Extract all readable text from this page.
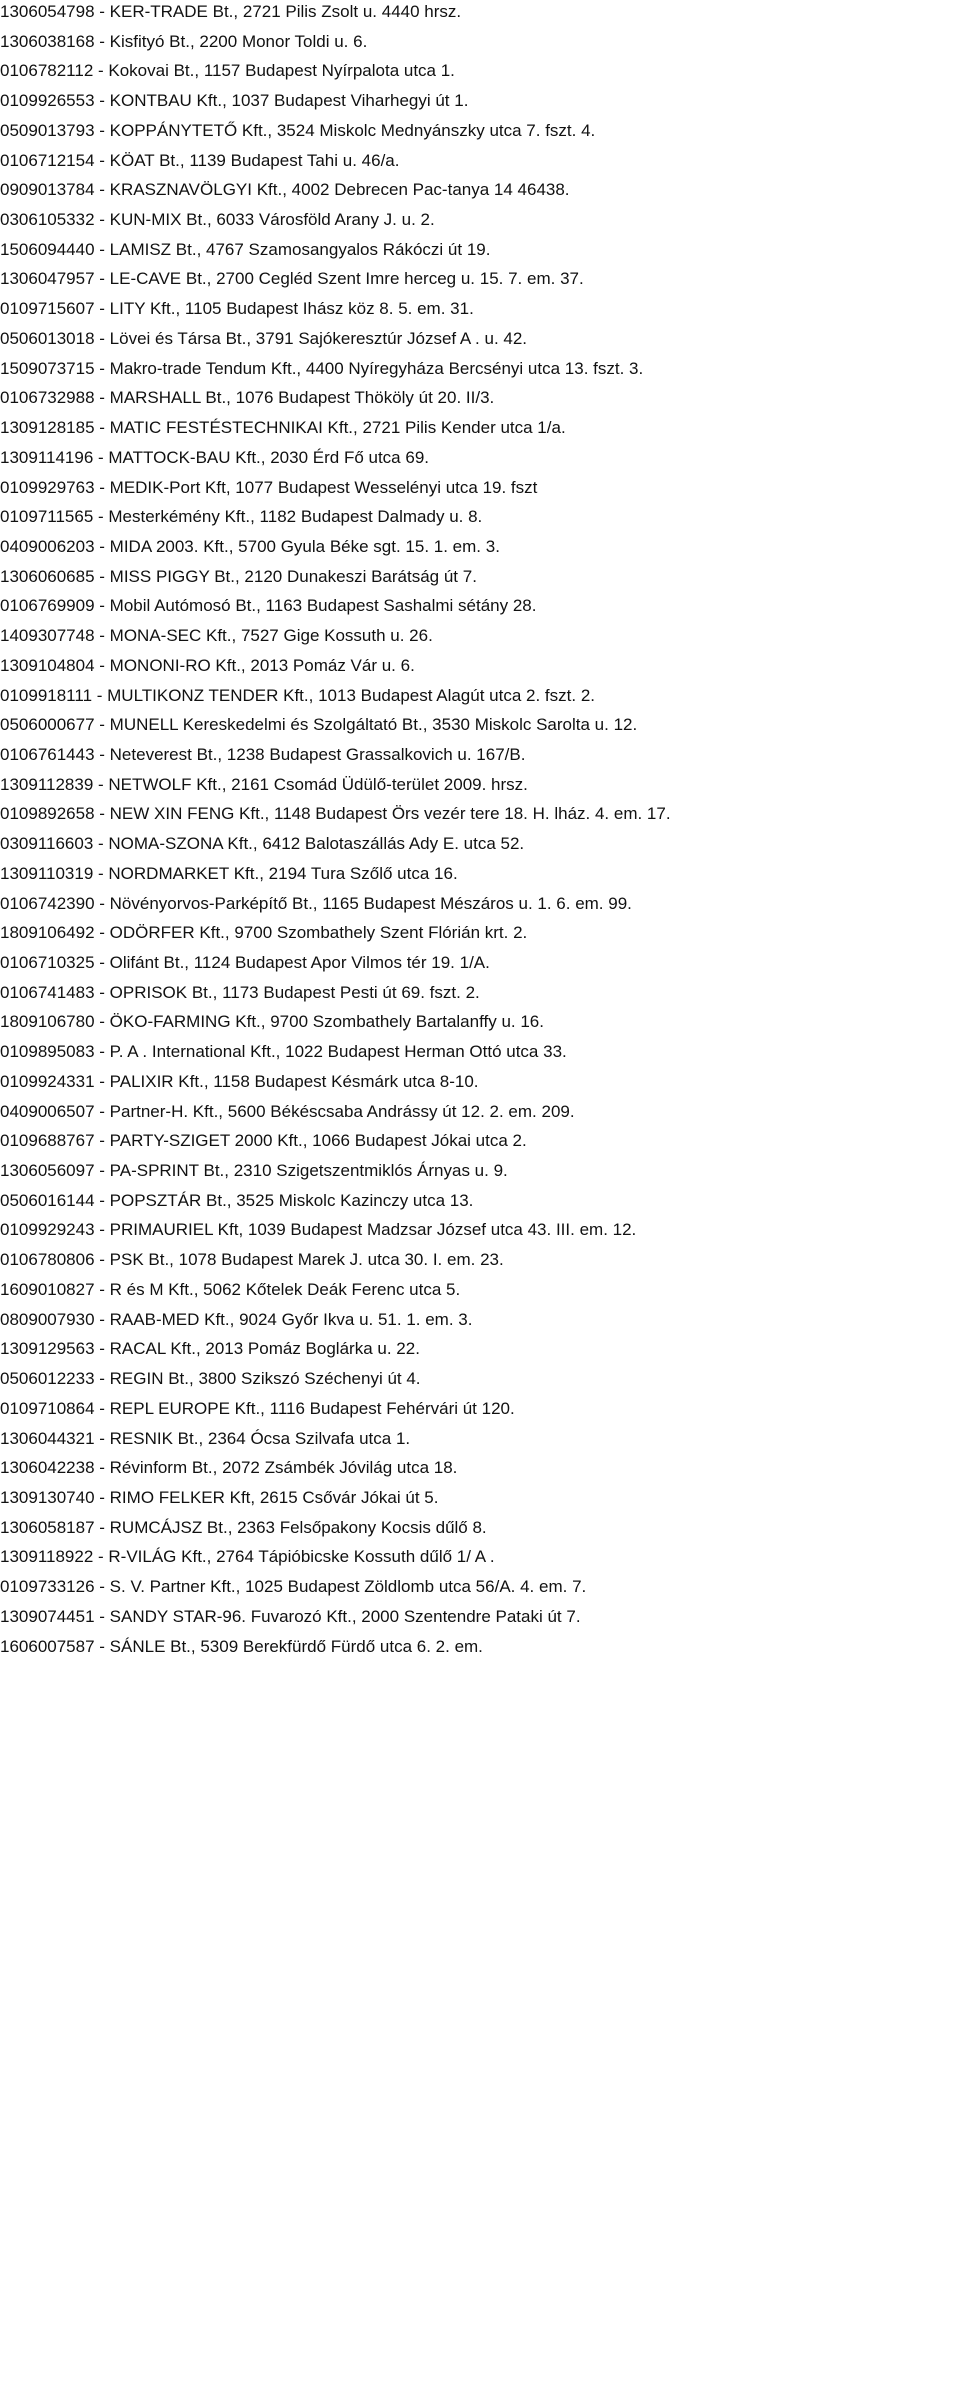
1306054798 - KER-TRADE Bt., 2721 Pilis Zsolt u. 4440 hrsz.
1306038168 - Kisfityó Bt., 2200 Monor Toldi u. 6.
0106782112 - Kokovai Bt., 1157 Budapest Nyírpalota utca 1.
0109926553 - KONTBAU Kft., 1037 Budapest Viharhegyi út 1.
0509013793 - KOPPÁNYTETŐ Kft., 3524 Miskolc Mednyánszky utca 7. fszt. 4.
0106712154 - KÖAT Bt., 1139 Budapest Tahi u. 46/a.
0909013784 - KRASZNAVÖLGYI Kft., 4002 Debrecen Pac-tanya 14 46438.
0306105332 - KUN-MIX Bt., 6033 Városföld Arany J. u. 2.
1506094440 - LAMISZ Bt., 4767 Szamosangyalos Rákóczi út 19.
1306047957 - LE-CAVE Bt., 2700 Cegléd Szent Imre herceg u. 15. 7. em. 37.
0109715607 - LITY Kft., 1105 Budapest Ihász köz 8. 5. em. 31.
0506013018 - Lövei és Társa Bt., 3791 Sajókeresztúr József A . u. 42.
1509073715 - Makro-trade Tendum Kft., 4400 Nyíregyháza Bercsényi utca 13. fszt. 3.
0106732988 - MARSHALL Bt., 1076 Budapest Thököly út 20. II/3.
1309128185 - MATIC FESTÉSTECHNIKAI Kft., 2721 Pilis Kender utca 1/a.
1309114196 - MATTOCK-BAU Kft., 2030 Érd Fő utca 69.
0109929763 - MEDIK-Port Kft, 1077 Budapest Wesselényi utca 19. fszt
0109711565 - Mesterkémény Kft., 1182 Budapest Dalmady u. 8.
0409006203 - MIDA 2003. Kft., 5700 Gyula Béke sgt. 15. 1. em. 3.
1306060685 - MISS PIGGY Bt., 2120 Dunakeszi Barátság út 7.
0106769909 - Mobil Autómosó Bt., 1163 Budapest Sashalmi sétány 28.
1409307748 - MONA-SEC Kft., 7527 Gige Kossuth u. 26.
1309104804 - MONONI-RO Kft., 2013 Pomáz Vár u. 6.
0109918111 - MULTIKONZ TENDER Kft., 1013 Budapest Alagút utca 2. fszt. 2.
0506000677 - MUNELL Kereskedelmi és Szolgáltató Bt., 3530 Miskolc Sarolta u. 12.
0106761443 - Neteverest Bt., 1238 Budapest Grassalkovich u. 167/B.
1309112839 - NETWOLF Kft., 2161 Csomád Üdülő-terület 2009. hrsz.
0109892658 - NEW XIN FENG Kft., 1148 Budapest Örs vezér tere 18. H. lház. 4. em. 17.
0309116603 - NOMA-SZONA Kft., 6412 Balotaszállás Ady E. utca 52.
1309110319 - NORDMARKET Kft., 2194 Tura Szőlő utca 16.
0106742390 - Növényorvos-Parképítő Bt., 1165 Budapest Mészáros u. 1. 6. em. 99.
1809106492 - ODÖRFER Kft., 9700 Szombathely Szent Flórián krt. 2.
0106710325 - Olifánt Bt., 1124 Budapest Apor Vilmos tér 19. 1/A.
0106741483 - OPRISOK Bt., 1173 Budapest Pesti út 69. fszt. 2.
1809106780 - ÖKO-FARMING Kft., 9700 Szombathely Bartalanffy u. 16.
0109895083 - P. A . International Kft., 1022 Budapest Herman Ottó utca 33.
0109924331 - PALIXIR Kft., 1158 Budapest Késmárk utca 8-10.
0409006507 - Partner-H. Kft., 5600 Békéscsaba Andrássy út 12. 2. em. 209.
0109688767 - PARTY-SZIGET 2000 Kft., 1066 Budapest Jókai utca 2.
1306056097 - PA-SPRINT Bt., 2310 Szigetszentmiklós Árnyas u. 9.
0506016144 - POPSZTÁR Bt., 3525 Miskolc Kazinczy utca 13.
0109929243 - PRIMAURIEL Kft, 1039 Budapest Madzsar József utca 43. III. em. 12.
0106780806 - PSK Bt., 1078 Budapest Marek J. utca 30. I. em. 23.
1609010827 - R és M Kft., 5062 Kőtelek Deák Ferenc utca 5.
0809007930 - RAAB-MED Kft., 9024 Győr Ikva u. 51. 1. em. 3.
1309129563 - RACAL Kft., 2013 Pomáz Boglárka u. 22.
0506012233 - REGIN Bt., 3800 Szikszó Széchenyi út 4.
0109710864 - REPL EUROPE Kft., 1116 Budapest Fehérvári út 120.
1306044321 - RESNIK Bt., 2364 Ócsa Szilvafa utca 1.
1306042238 - Révinform Bt., 2072 Zsámbék Jóvilág utca 18.
1309130740 - RIMO FELKER Kft, 2615 Csővár Jókai út 5.
1306058187 - RUMCÁJSZ Bt., 2363 Felsőpakony Kocsis dűlő 8.
1309118922 - R-VILÁG Kft., 2764 Tápióbicske Kossuth dűlő 1/ A .
0109733126 - S. V. Partner Kft., 1025 Budapest Zöldlomb utca 56/A. 4. em. 7.
1309074451 - SANDY STAR-96. Fuvarozó Kft., 2000 Szentendre Pataki út 7.
1606007587 - SÁNLE Bt., 5309 Berekfürdő Fürdő utca 6. 2. em.
